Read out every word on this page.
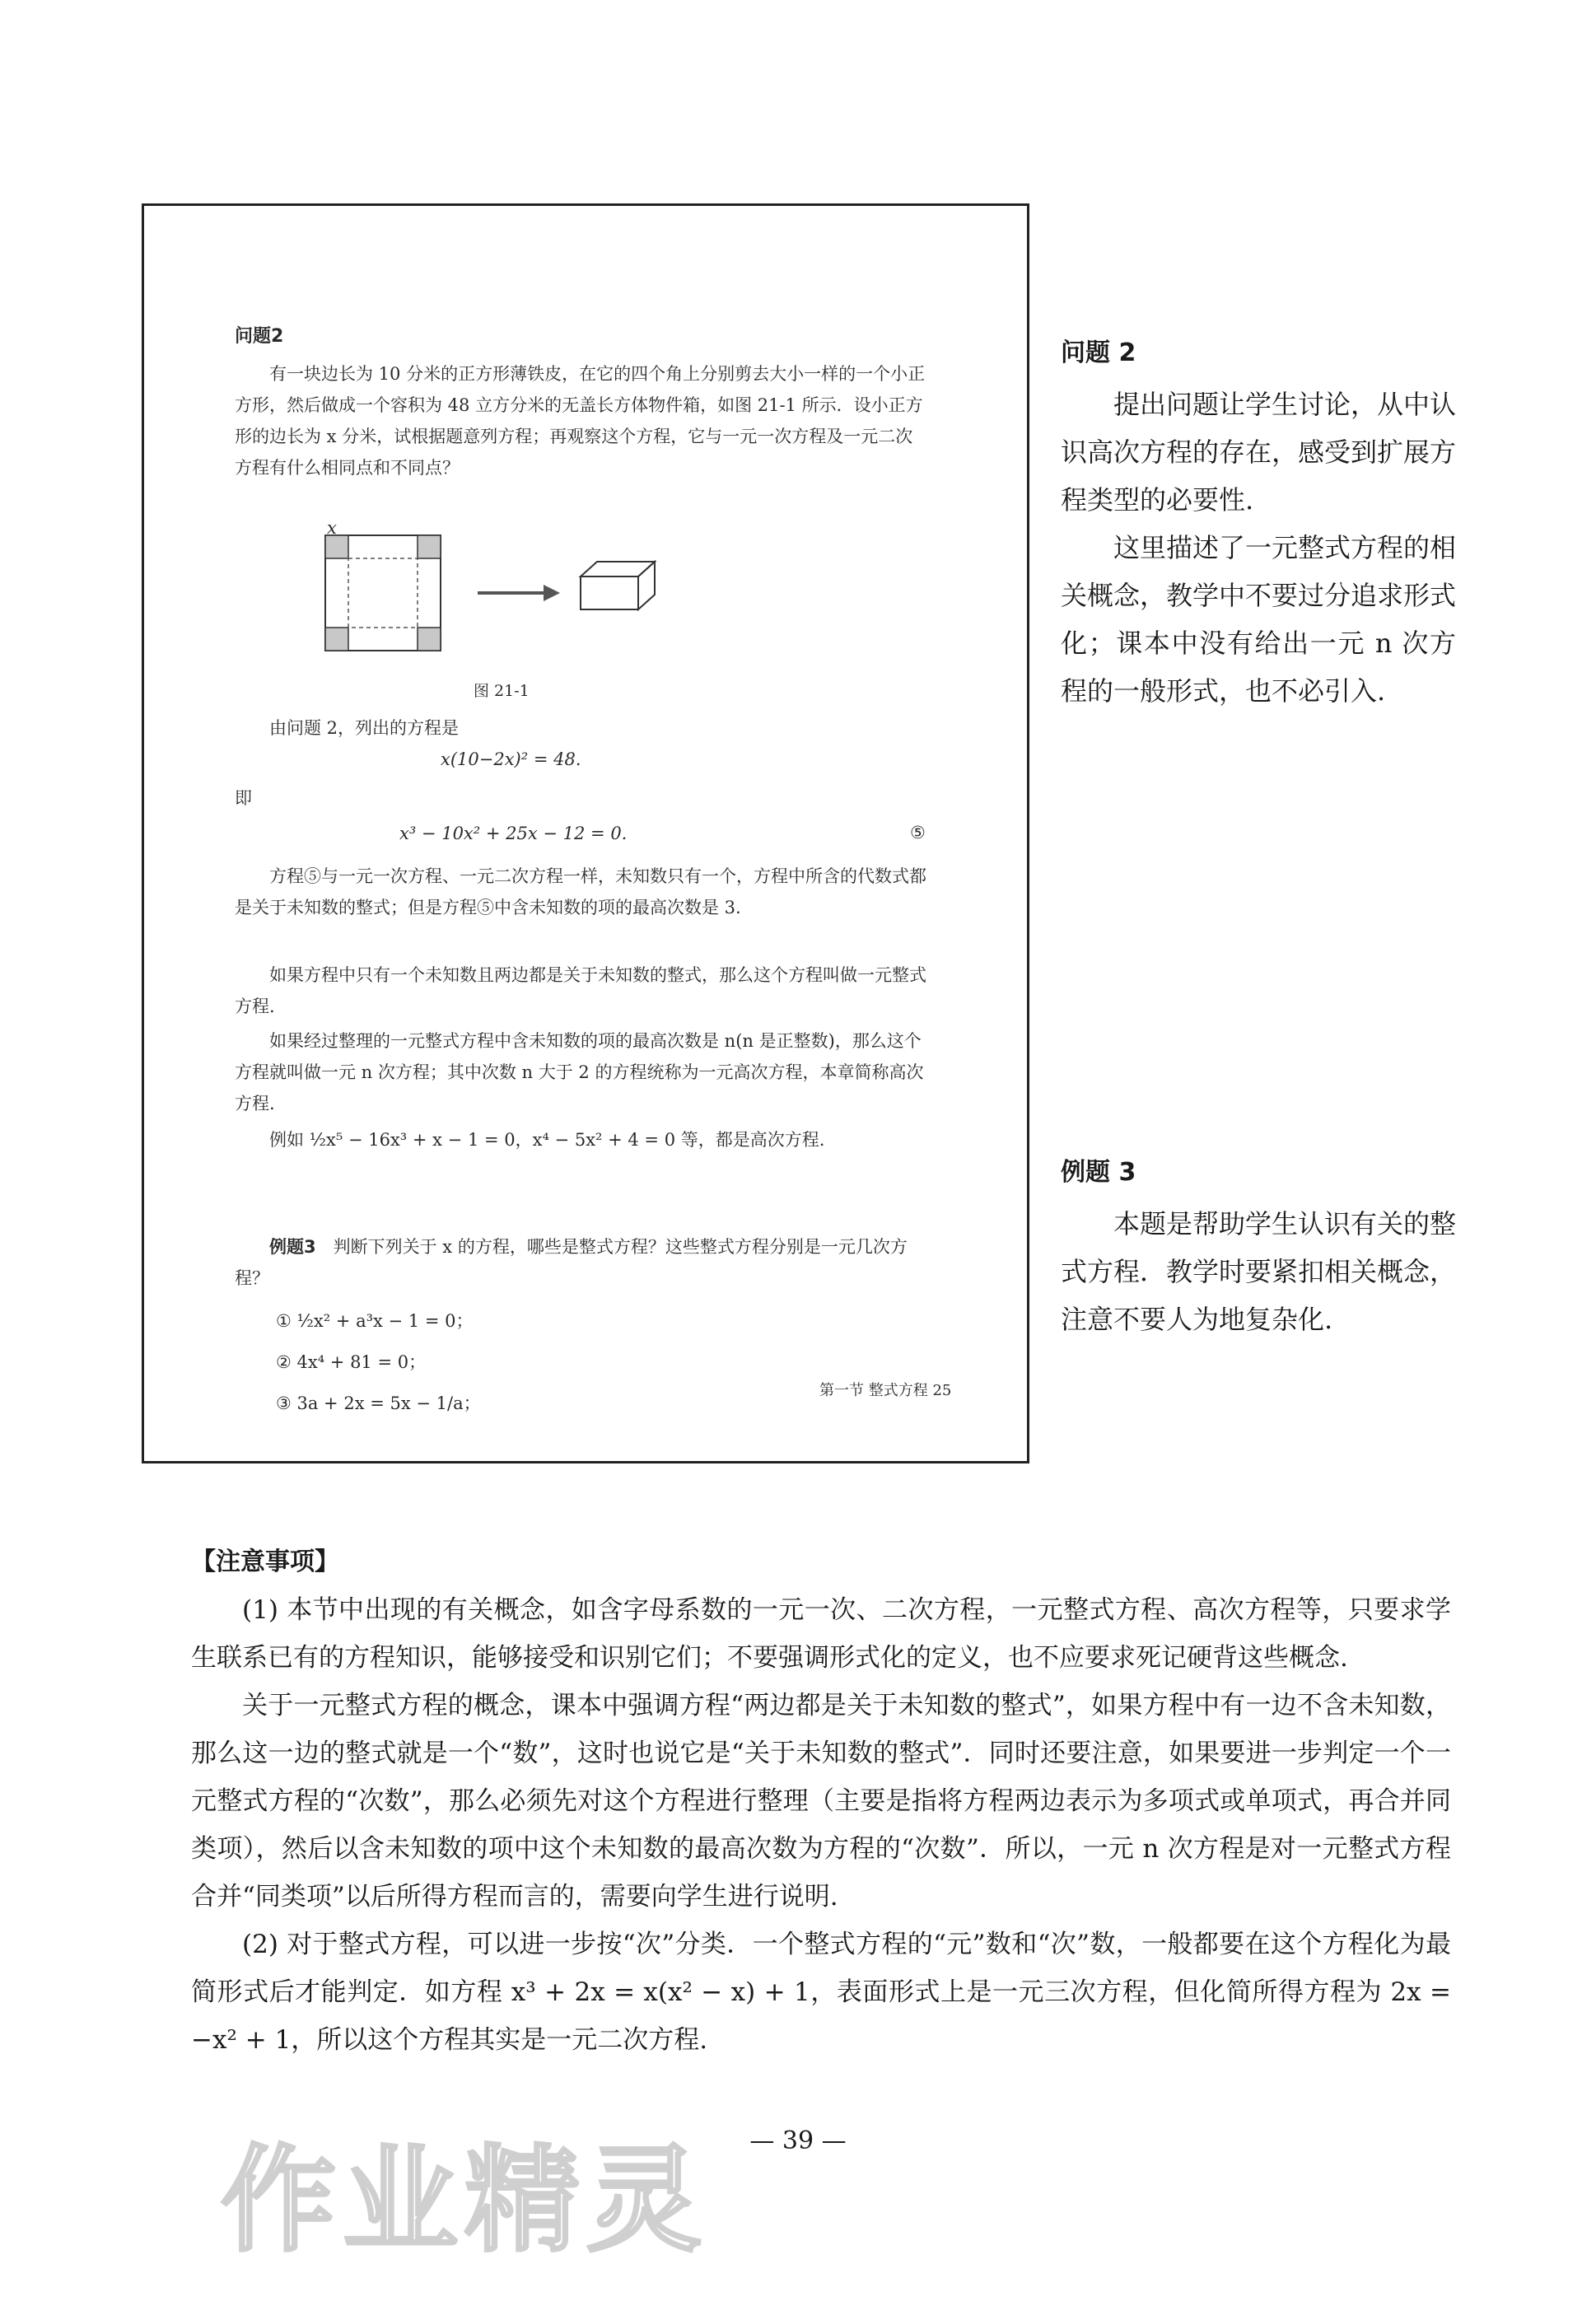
问题2

有一块边长为 10 分米的正方形薄铁皮，在它的四个角上分别剪去大小一样的一个小正方形，然后做成一个容积为 48 立方分米的无盖长方体物件箱，如图 21-1 所示．设小正方形的边长为 x 分米，试根据题意列方程；再观察这个方程，它与一元一次方程及一元二次方程有什么相同点和不同点？

x
图 21-1

由问题 2，列出的方程是

x(10−2x)² = 48.
即
x³ − 10x² + 25x − 12 = 0.	⑤

方程⑤与一元一次方程、一元二次方程一样，未知数只有一个，方程中所含的代数式都是关于未知数的整式；但是方程⑤中含未知数的项的最高次数是 3.

如果方程中只有一个未知数且两边都是关于未知数的整式，那么这个方程叫做一元整式方程.

如果经过整理的一元整式方程中含未知数的项的最高次数是 n(n 是正整数)，那么这个方程就叫做一元 n 次方程；其中次数 n 大于 2 的方程统称为一元高次方程，本章简称高次方程.

例如 ½x⁵ − 16x³ + x − 1 = 0，x⁴ − 5x² + 4 = 0 等，都是高次方程.

例题3　 判断下列关于 x 的方程，哪些是整式方程？这些整式方程分别是一元几次方程？

① ½x² + a³x − 1 = 0；
② 4x⁴ + 81 = 0；
③ 3a + 2x = 5x − 1/a；
第一节 整式方程 25
问题 2

提出问题让学生讨论，从中认识高次方程的存在，感受到扩展方程类型的必要性.

这里描述了一元整式方程的相关概念，教学中不要过分追求形式化；课本中没有给出一元 n 次方程的一般形式，也不必引入.

例题 3

本题是帮助学生认识有关的整式方程．教学时要紧扣相关概念，注意不要人为地复杂化.

【注意事项】

(1) 本节中出现的有关概念，如含字母系数的一元一次、二次方程，一元整式方程、高次方程等，只要求学生联系已有的方程知识，能够接受和识别它们；不要强调形式化的定义，也不应要求死记硬背这些概念.

关于一元整式方程的概念，课本中强调方程“两边都是关于未知数的整式”，如果方程中有一边不含未知数，那么这一边的整式就是一个“数”，这时也说它是“关于未知数的整式”．同时还要注意，如果要进一步判定一个一元整式方程的“次数”，那么必须先对这个方程进行整理（主要是指将方程两边表示为多项式或单项式，再合并同类项），然后以含未知数的项中这个未知数的最高次数为方程的“次数”．所以，一元 n 次方程是对一元整式方程合并“同类项”以后所得方程而言的，需要向学生进行说明.

(2) 对于整式方程，可以进一步按“次”分类．一个整式方程的“元”数和“次”数，一般都要在这个方程化为最简形式后才能判定．如方程 x³ + 2x = x(x² − x) + 1，表面形式上是一元三次方程，但化简所得方程为 2x = −x² + 1，所以这个方程其实是一元二次方程.

— 39 —
作业精灵
